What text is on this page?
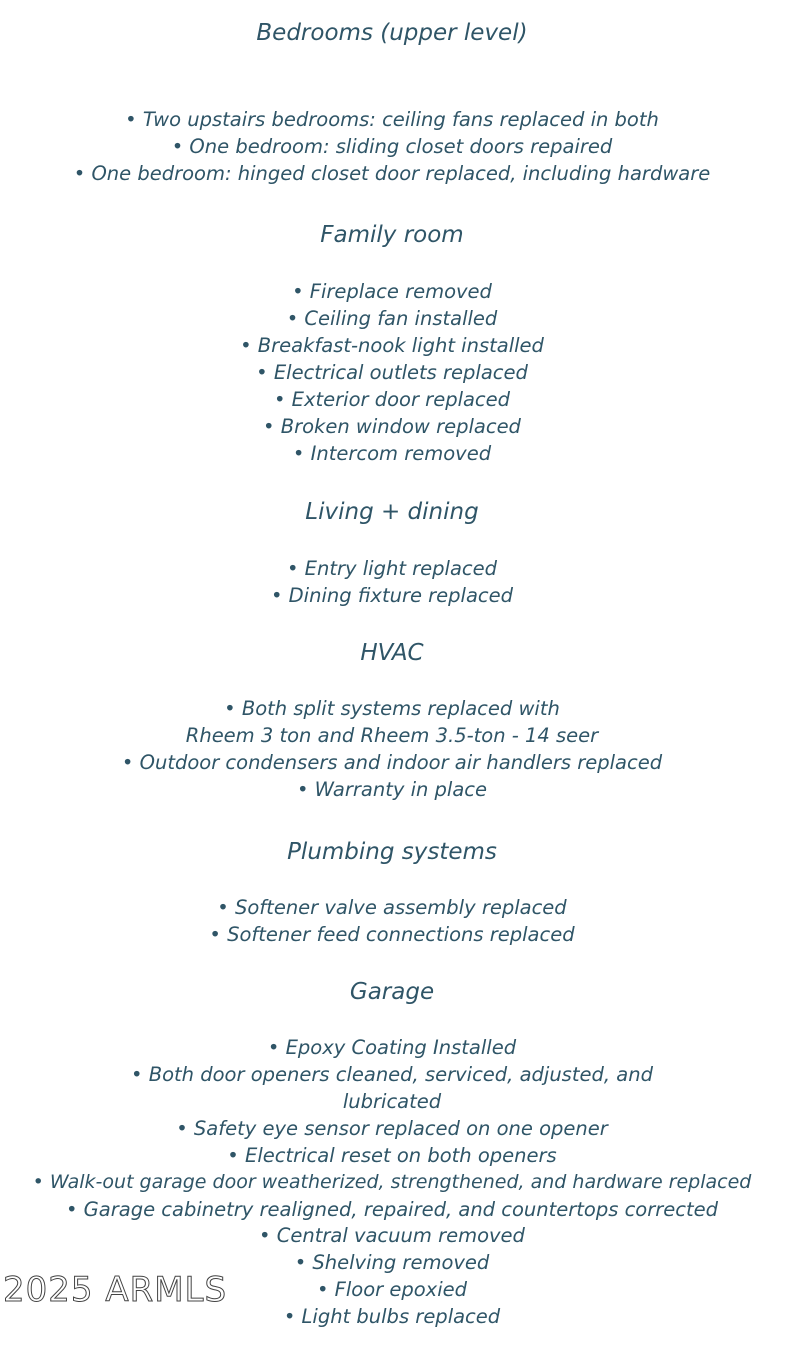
Bedrooms (upper level)
• Two upstairs bedrooms: ceiling fans replaced in both
• One bedroom: sliding closet doors repaired
• One bedroom: hinged closet door replaced, including hardware
Family room
• Fireplace removed
• Ceiling fan installed
• Breakfast-nook light installed
• Electrical outlets replaced
• Exterior door replaced
• Broken window replaced
• Intercom removed
Living + dining
• Entry light replaced
• Dining fixture replaced
HVAC
• Both split systems replaced with
Rheem 3 ton and Rheem 3.5-ton - 14 seer
• Outdoor condensers and indoor air handlers replaced
• Warranty in place
Plumbing systems
• Softener valve assembly replaced
• Softener feed connections replaced
Garage
• Epoxy Coating Installed
• Both door openers cleaned, serviced, adjusted, and
lubricated
• Safety eye sensor replaced on one opener
• Electrical reset on both openers
• Walk-out garage door weatherized, strengthened, and hardware replaced
• Garage cabinetry realigned, repaired, and countertops corrected
• Central vacuum removed
• Shelving removed
• Floor epoxied
• Light bulbs replaced
2025 ARMLS
